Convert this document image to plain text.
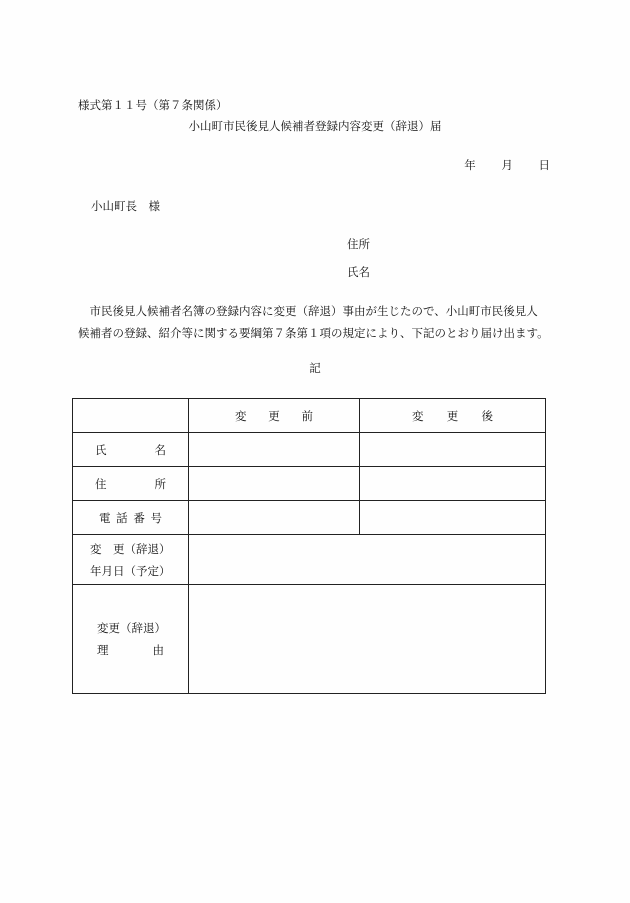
様式第１１号（第７条関係）
小山町市民後見人候補者登録内容変更（辞退）届
年 月 日
小山町長　様
住所
氏名

　市民後見人候補者名簿の登録内容に変更（辞退）事由が生じたので、小山町市民後見人

候補者の登録、紹介等に関する要綱第７条第１項の規定により、下記のとおり届け出ます。

記

	変 更 前	変 更 後

氏 名		

住 所		

電 話 番 号		

変　更（辞退）
年月日（予定）		

変更（辞退）
理 由		
